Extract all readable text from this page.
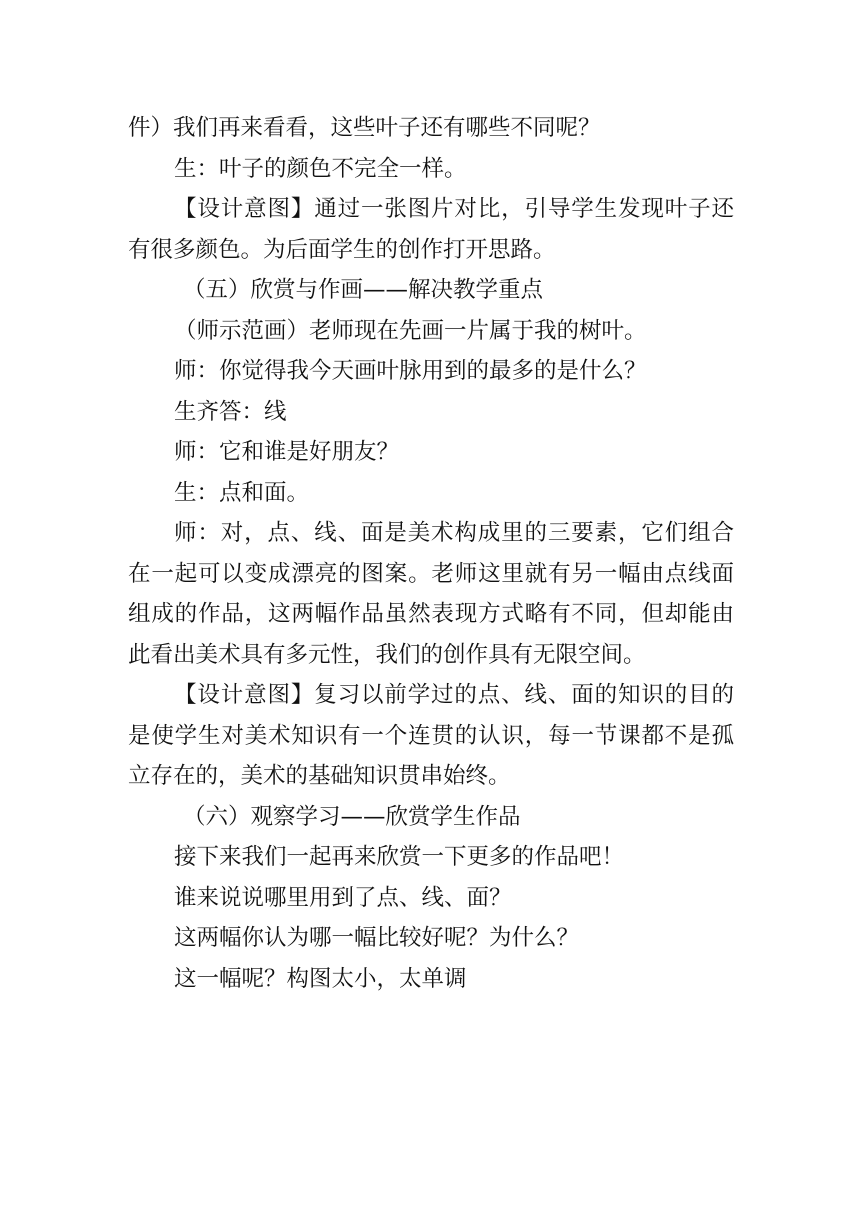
件）我们再来看看，这些叶子还有哪些不同呢？
生：叶子的颜色不完全一样。
【设计意图】通过一张图片对比，引导学生发现叶子还
有很多颜色。为后面学生的创作打开思路。
（五）欣赏与作画——解决教学重点
（师示范画）老师现在先画一片属于我的树叶。
师：你觉得我今天画叶脉用到的最多的是什么？
生齐答：线
师：它和谁是好朋友？
生：点和面。
师：对，点、线、面是美术构成里的三要素，它们组合
在一起可以变成漂亮的图案。老师这里就有另一幅由点线面
组成的作品，这两幅作品虽然表现方式略有不同，但却能由
此看出美术具有多元性，我们的创作具有无限空间。
【设计意图】复习以前学过的点、线、面的知识的目的
是使学生对美术知识有一个连贯的认识，每一节课都不是孤
立存在的，美术的基础知识贯串始终。
（六）观察学习——欣赏学生作品
接下来我们一起再来欣赏一下更多的作品吧！
谁来说说哪里用到了点、线、面？
这两幅你认为哪一幅比较好呢？为什么？
这一幅呢？构图太小，太单调
